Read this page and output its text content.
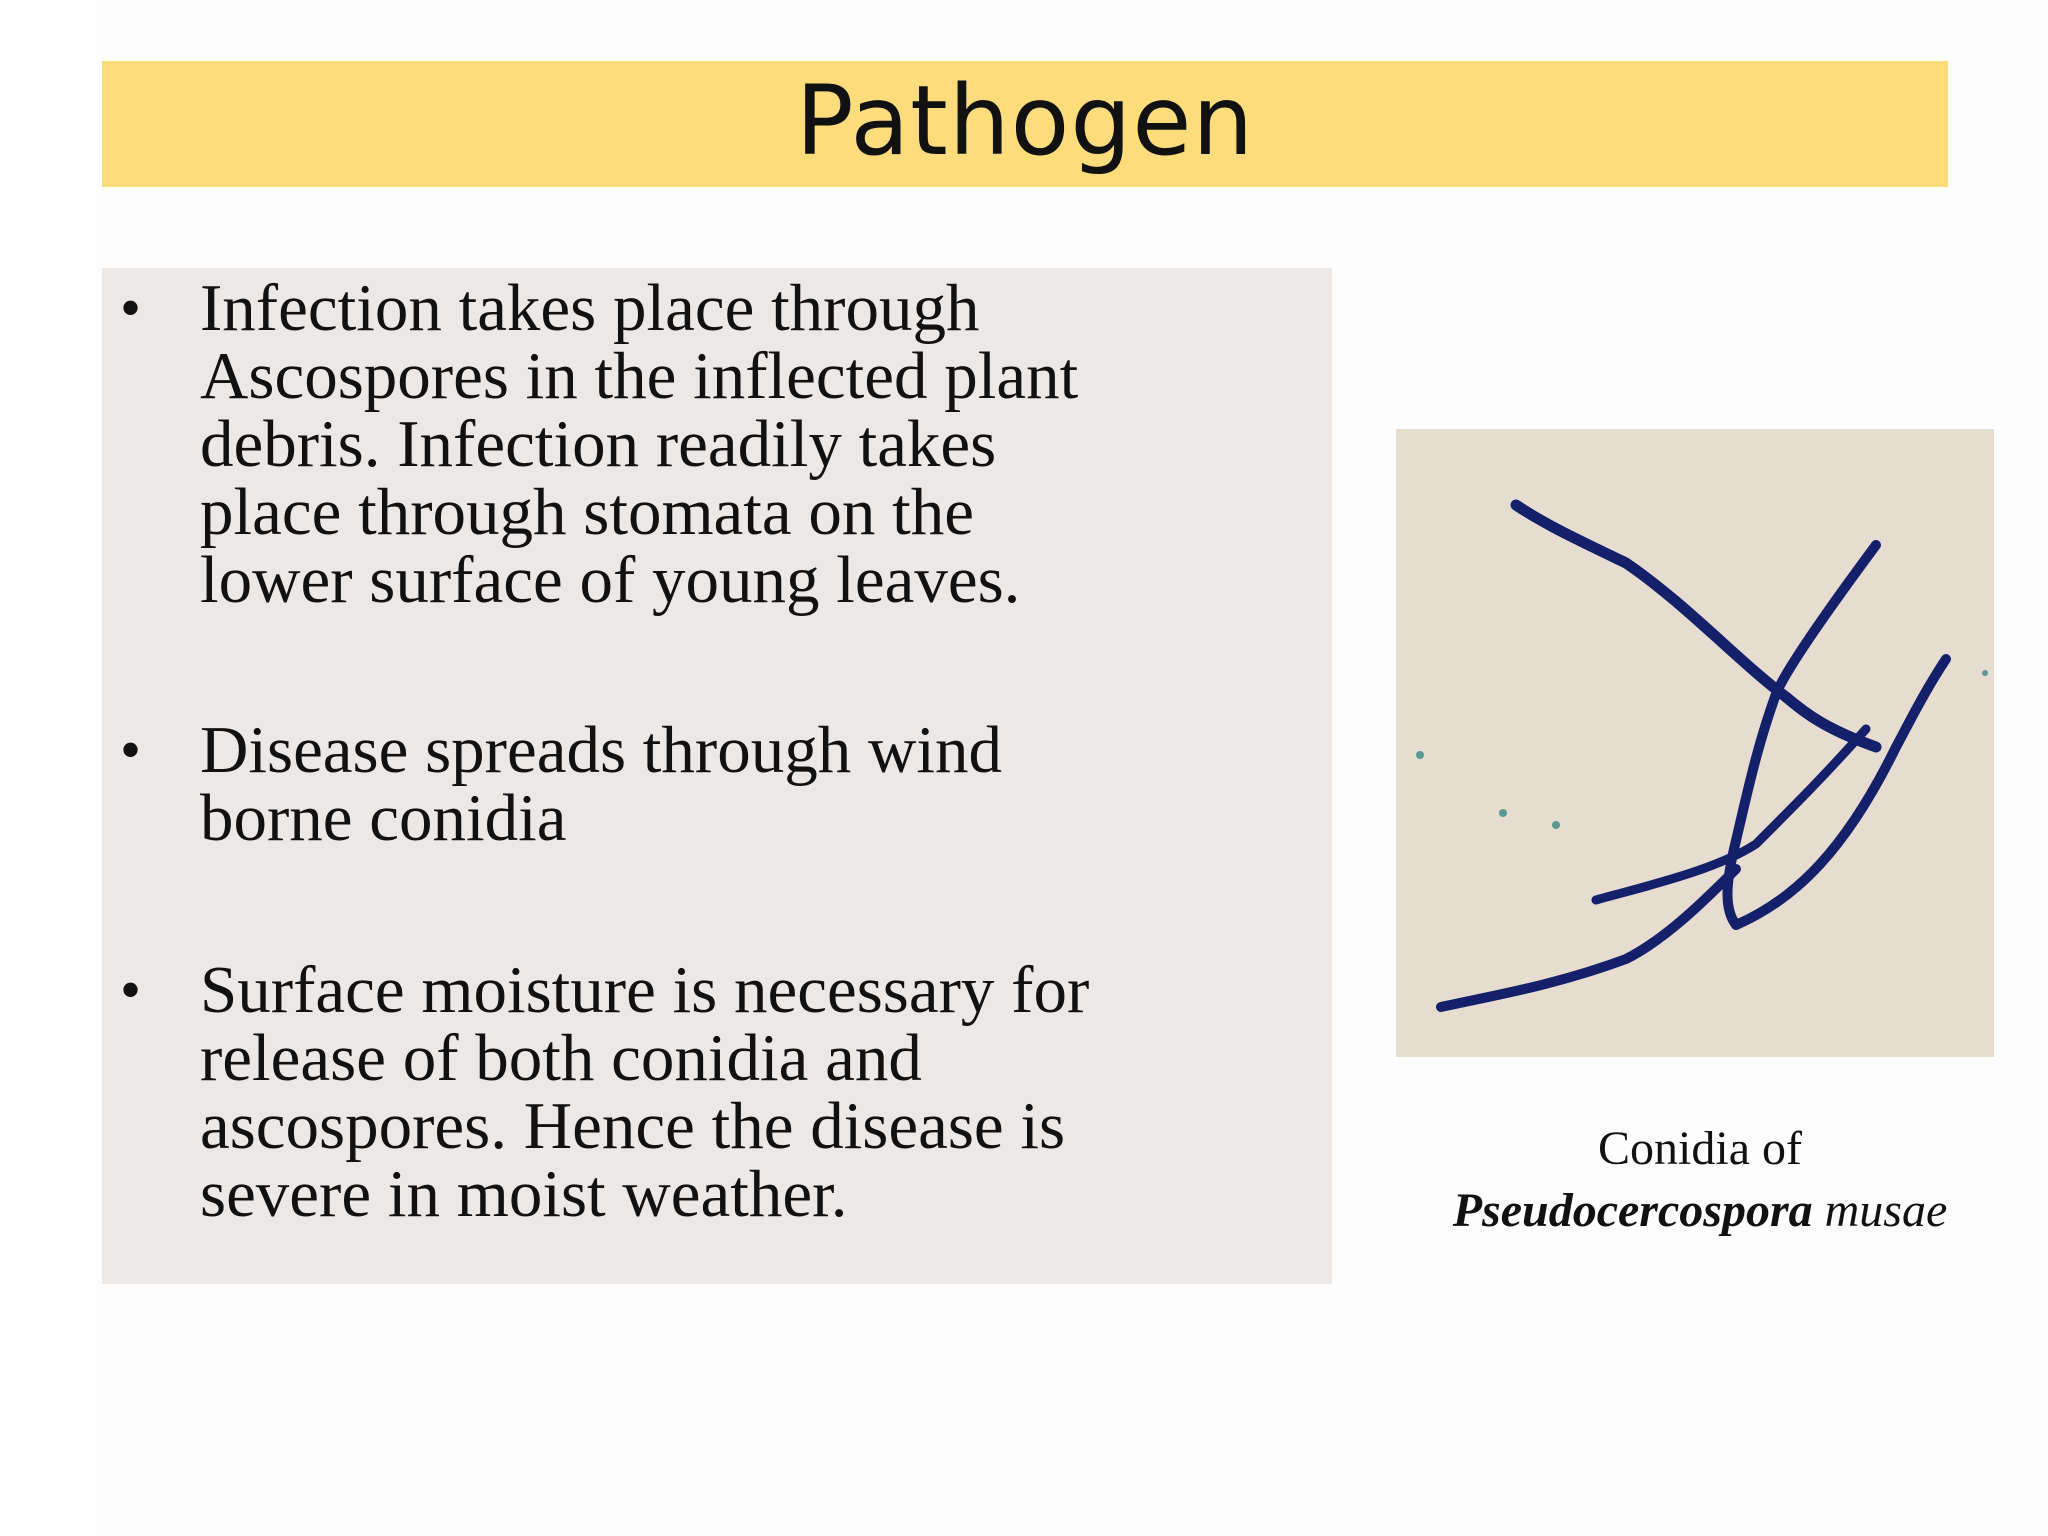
Pathogen
• Infection takes place through
Ascospores in the inflected plant
debris. Infection readily takes
place through stomata on the
lower surface of young leaves.
• Disease spreads through wind
borne conidia
• Surface moisture is necessary for
release of both conidia and
ascospores. Hence the disease is
severe in moist weather.
Conidia of
Pseudocercospora musae
